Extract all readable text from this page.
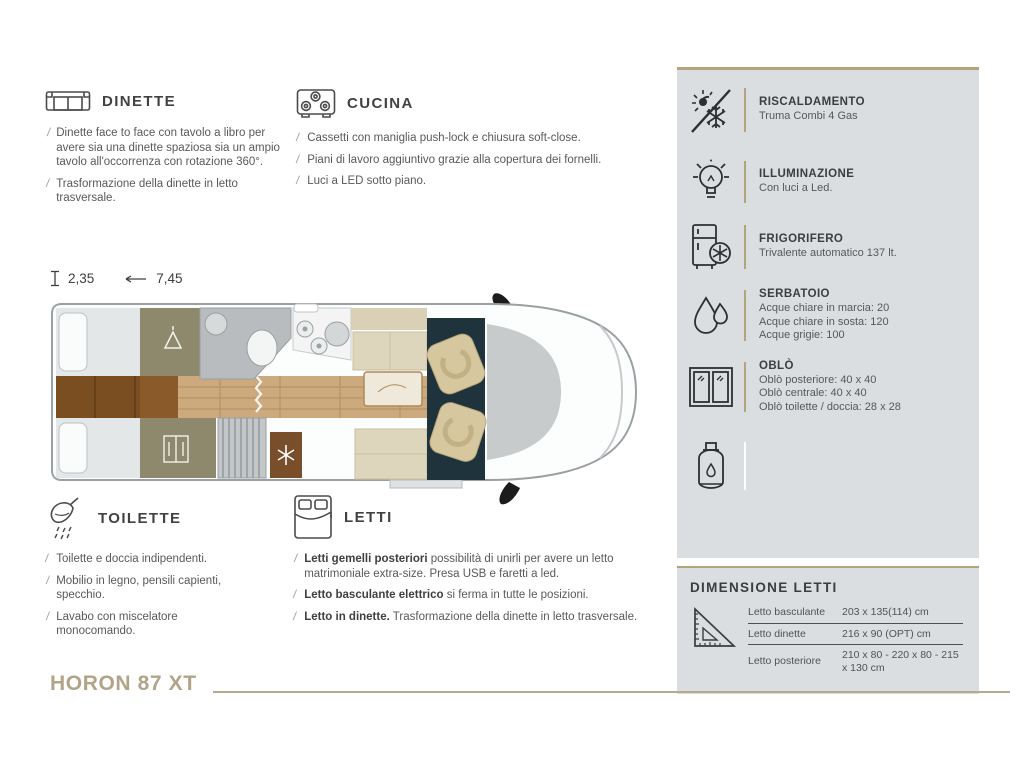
DINETTE
/ Dinette face to face con tavolo a libro per avere sia una dinette spaziosa sia un ampio tavolo all'occorrenza con rotazione 360°.
/ Trasformazione della dinette in letto trasversale.
CUCINA
/ Cassetti con maniglia push-lock e chiusura soft-close.
/ Piani di lavoro aggiuntivo grazie alla copertura dei fornelli.
/ Luci a LED sotto piano.
2,35	7,45
TOILETTE
/ Toilette e doccia indipendenti.
/ Mobilio in legno, pensili capienti, specchio.
/ Lavabo con miscelatore monocomando.
LETTI
/ Letti gemelli posteriori possibilità di unirli per avere un letto matrimoniale extra-size. Presa USB e faretti a led.
/ Letto basculante elettrico si ferma in tutte le posizioni.
/ Letto in dinette. Trasformazione della dinette in letto trasversale.
RISCALDAMENTO
Truma Combi 4 Gas
ILLUMINAZIONE
Con luci a Led.
FRIGORIFERO
Trivalente automatico 137 lt.
SERBATOIO
Acque chiare in marcia: 20
Acque chiare in sosta: 120
Acque grigie: 100
OBLÒ
Oblò posteriore: 40 x 40
Oblò centrale: 40 x 40
Oblò toilette / doccia: 28 x 28
DIMENSIONE LETTI
Letto basculante	203 x 135(114) cm
Letto dinette	216 x 90 (OPT) cm
Letto posteriore
210 x 80 - 220 x 80 - 215 x 130 cm
HORON 87 XT
